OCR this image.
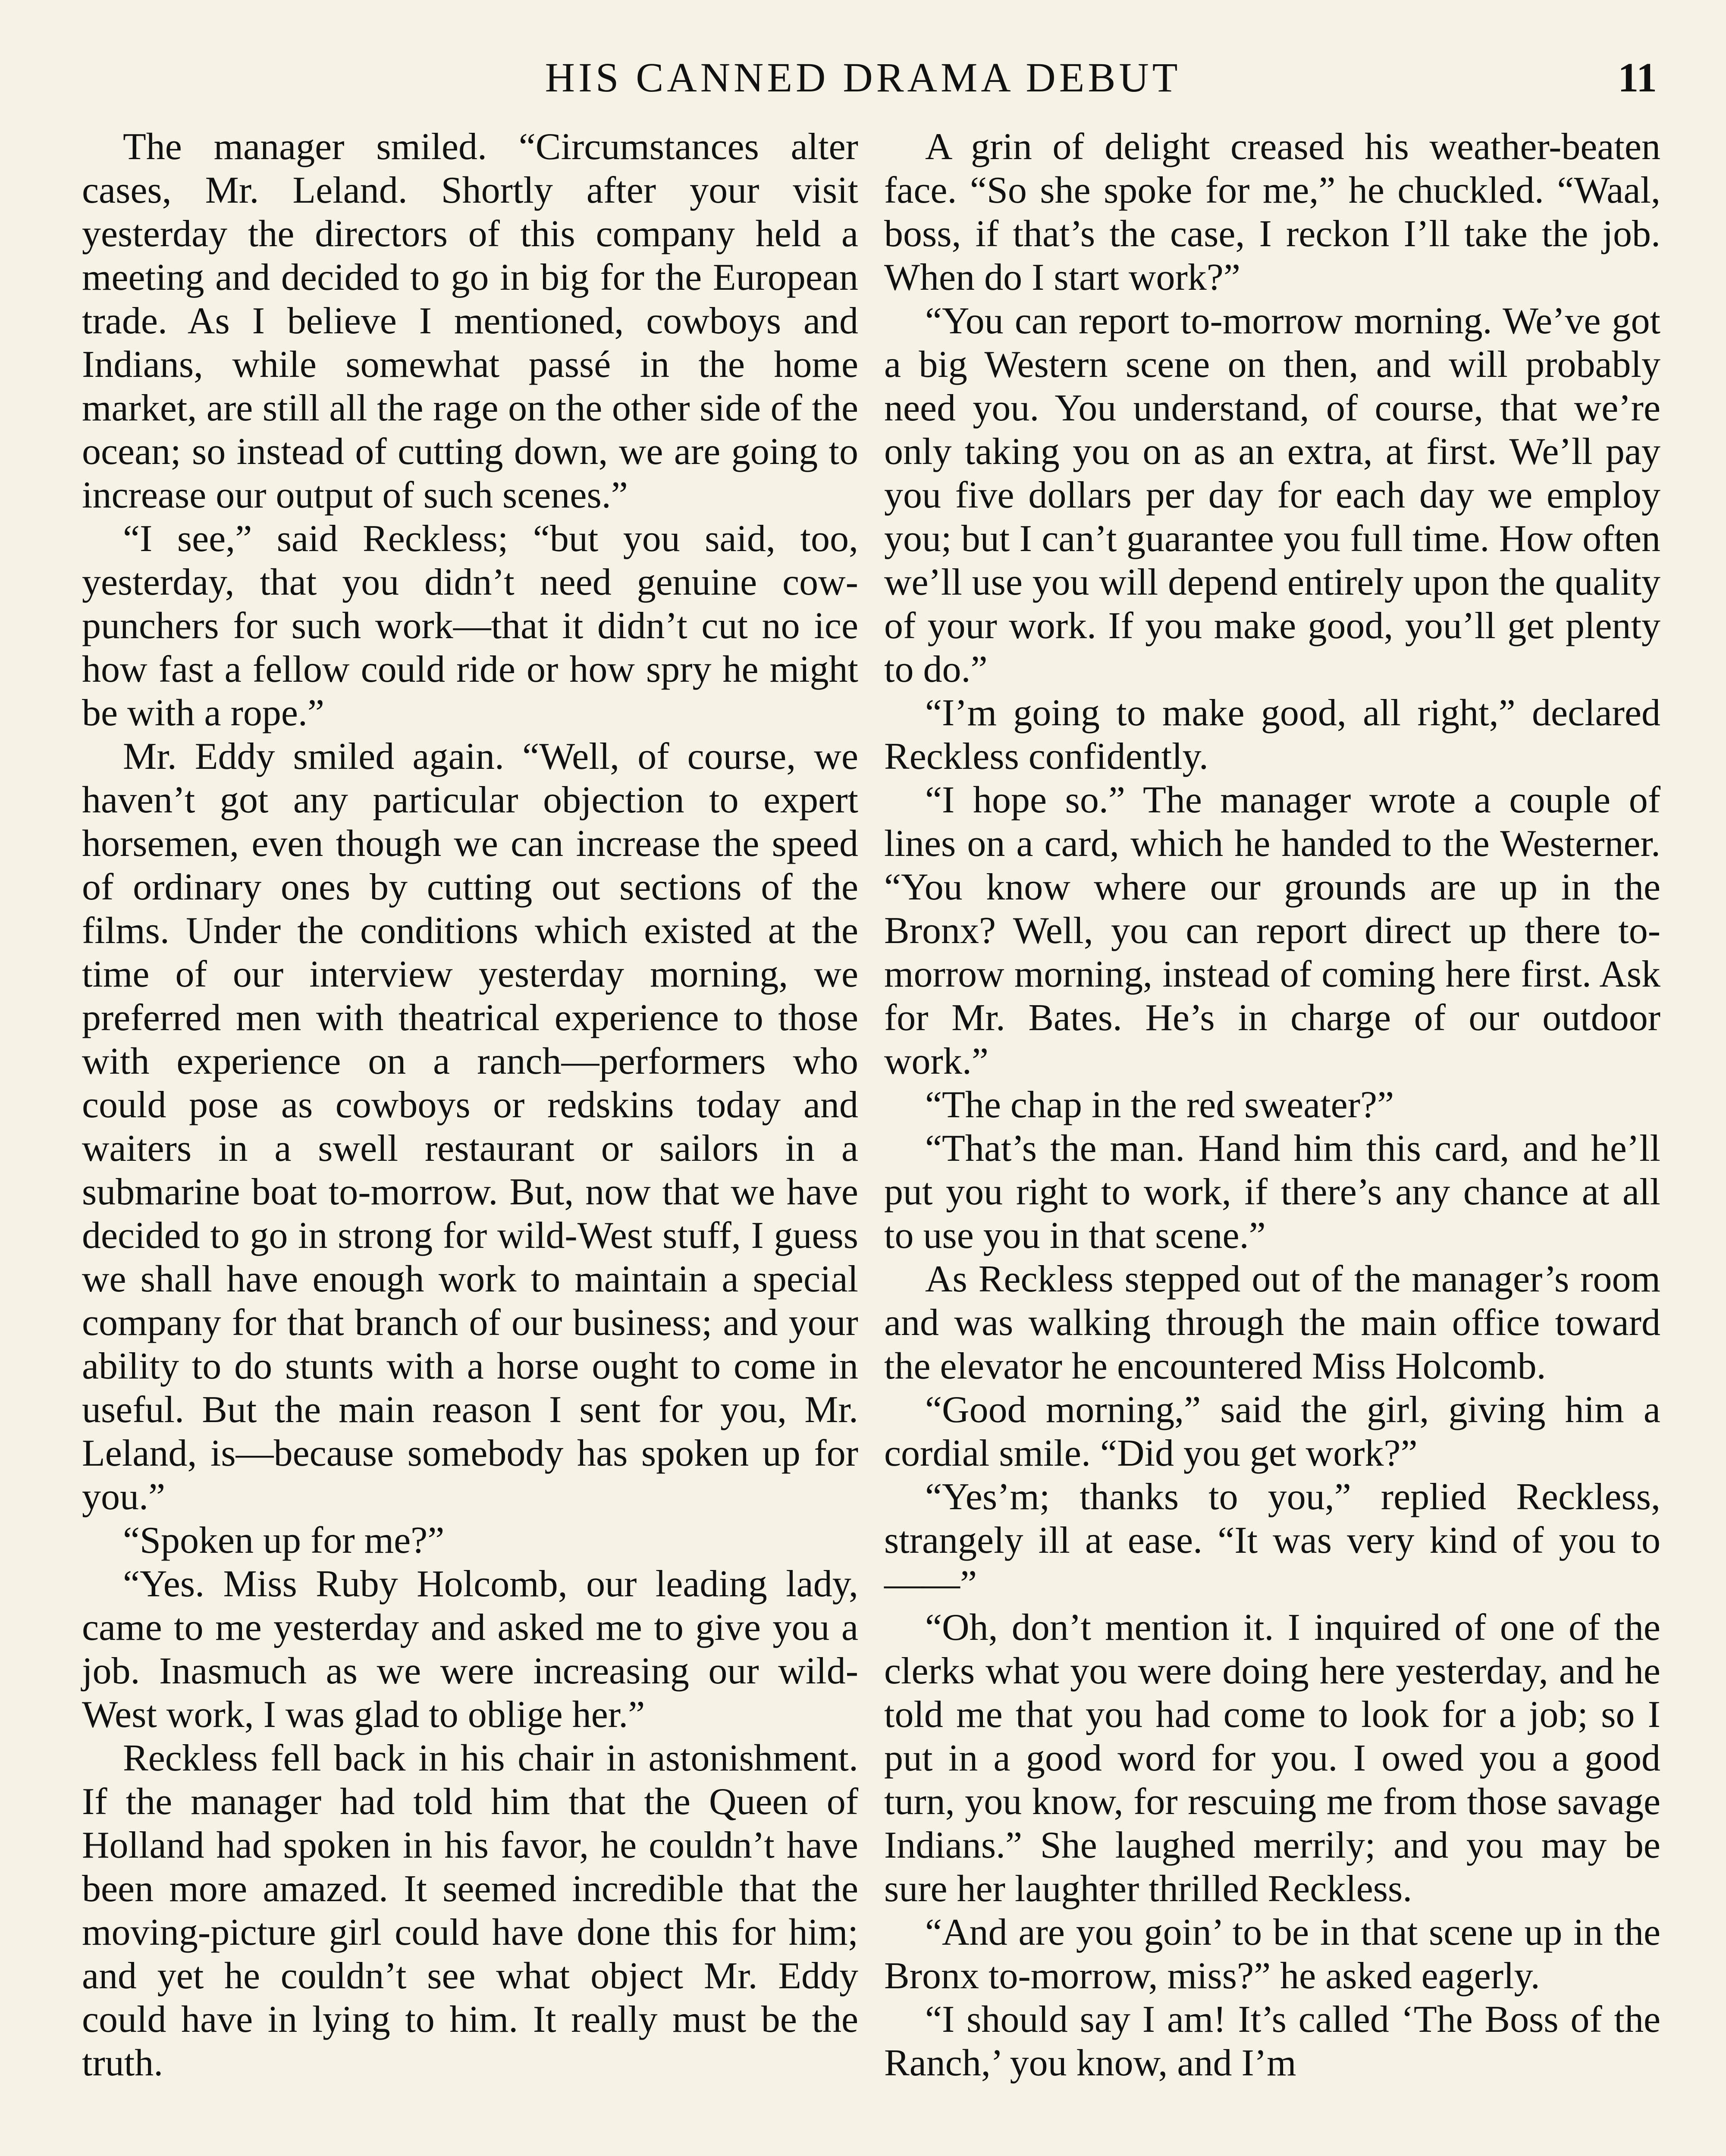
HIS CANNED DRAMA DEBUT	11

The manager smiled. “Circumstances alter cases, Mr. Leland. Shortly after your visit yesterday the directors of this company held a meeting and decided to go in big for the European trade. As I believe I mentioned, cowboys and Indians, while somewhat passé in the home market, are still all the rage on the other side of the ocean; so instead of cutting down, we are going to increase our output of such scenes.”

“I see,” said Reckless; “but you said, too, yesterday, that you didn’t need genuine cow-punchers for such work—that it didn’t cut no ice how fast a fellow could ride or how spry he might be with a rope.”

Mr. Eddy smiled again. “Well, of course, we haven’t got any particular objection to expert horsemen, even though we can increase the speed of ordinary ones by cutting out sections of the films. Under the conditions which existed at the time of our interview yesterday morning, we preferred men with theatrical experience to those with experience on a ranch—performers who could pose as cowboys or redskins today and waiters in a swell restaurant or sailors in a submarine boat to-morrow. But, now that we have decided to go in strong for wild-West stuff, I guess we shall have enough work to maintain a special company for that branch of our business; and your ability to do stunts with a horse ought to come in useful. But the main reason I sent for you, Mr. Leland, is—because somebody has spoken up for you.”

“Spoken up for me?”

“Yes. Miss Ruby Holcomb, our leading lady, came to me yesterday and asked me to give you a job. Inasmuch as we were increasing our wild-West work, I was glad to oblige her.”

Reckless fell back in his chair in astonishment. If the manager had told him that the Queen of Holland had spoken in his favor, he couldn’t have been more amazed. It seemed incredible that the moving-picture girl could have done this for him; and yet he couldn’t see what object Mr. Eddy could have in lying to him. It really must be the truth.

A grin of delight creased his weather-beaten face. “So she spoke for me,” he chuckled. “Waal, boss, if that’s the case, I reckon I’ll take the job. When do I start work?”

“You can report to-morrow morning. We’ve got a big Western scene on then, and will probably need you. You understand, of course, that we’re only taking you on as an extra, at first. We’ll pay you five dollars per day for each day we employ you; but I can’t guarantee you full time. How often we’ll use you will depend entirely upon the quality of your work. If you make good, you’ll get plenty to do.”

“I’m going to make good, all right,” declared Reckless confidently.

“I hope so.” The manager wrote a couple of lines on a card, which he handed to the Westerner. “You know where our grounds are up in the Bronx? Well, you can report direct up there to-morrow morning, instead of coming here first. Ask for Mr. Bates. He’s in charge of our outdoor work.”

“The chap in the red sweater?”

“That’s the man. Hand him this card, and he’ll put you right to work, if there’s any chance at all to use you in that scene.”

As Reckless stepped out of the manager’s room and was walking through the main office toward the elevator he encountered Miss Holcomb.

“Good morning,” said the girl, giving him a cordial smile. “Did you get work?”

“Yes’m; thanks to you,” replied Reckless, strangely ill at ease. “It was very kind of you to——”

“Oh, don’t mention it. I inquired of one of the clerks what you were doing here yesterday, and he told me that you had come to look for a job; so I put in a good word for you. I owed you a good turn, you know, for rescuing me from those savage Indians.” She laughed merrily; and you may be sure her laughter thrilled Reckless.

“And are you goin’ to be in that scene up in the Bronx to-morrow, miss?” he asked eagerly.

“I should say I am! It’s called ‘The Boss of the Ranch,’ you know, and I’m
